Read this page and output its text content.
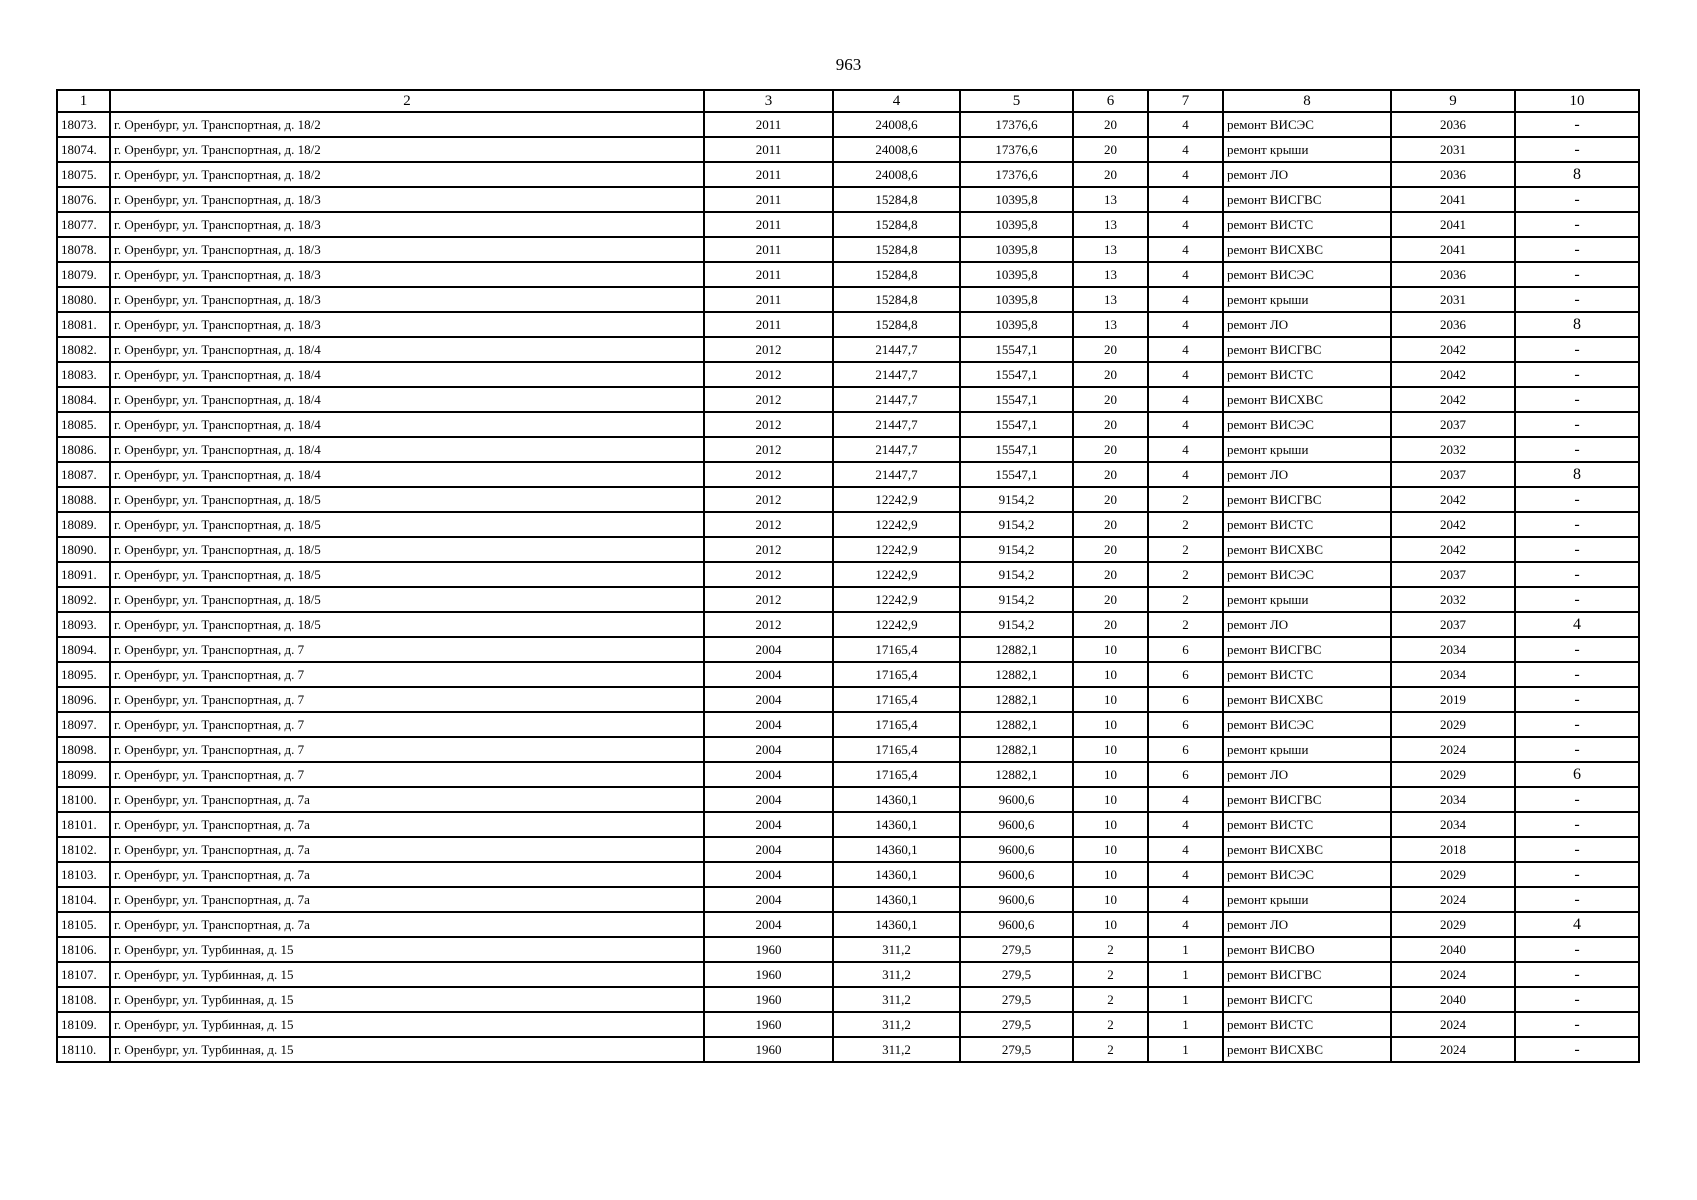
963
1	2	3	4	5	6	7	8	9	10
18073.	г. Оренбург, ул. Транспортная, д. 18/2	2011	24008,6	17376,6	20	4	ремонт ВИСЭС	2036	-
18074.	г. Оренбург, ул. Транспортная, д. 18/2	2011	24008,6	17376,6	20	4	ремонт крыши	2031	-
18075.	г. Оренбург, ул. Транспортная, д. 18/2	2011	24008,6	17376,6	20	4	ремонт ЛО	2036	8
18076.	г. Оренбург, ул. Транспортная, д. 18/3	2011	15284,8	10395,8	13	4	ремонт ВИСГВС	2041	-
18077.	г. Оренбург, ул. Транспортная, д. 18/3	2011	15284,8	10395,8	13	4	ремонт ВИСТС	2041	-
18078.	г. Оренбург, ул. Транспортная, д. 18/3	2011	15284,8	10395,8	13	4	ремонт ВИСХВС	2041	-
18079.	г. Оренбург, ул. Транспортная, д. 18/3	2011	15284,8	10395,8	13	4	ремонт ВИСЭС	2036	-
18080.	г. Оренбург, ул. Транспортная, д. 18/3	2011	15284,8	10395,8	13	4	ремонт крыши	2031	-
18081.	г. Оренбург, ул. Транспортная, д. 18/3	2011	15284,8	10395,8	13	4	ремонт ЛО	2036	8
18082.	г. Оренбург, ул. Транспортная, д. 18/4	2012	21447,7	15547,1	20	4	ремонт ВИСГВС	2042	-
18083.	г. Оренбург, ул. Транспортная, д. 18/4	2012	21447,7	15547,1	20	4	ремонт ВИСТС	2042	-
18084.	г. Оренбург, ул. Транспортная, д. 18/4	2012	21447,7	15547,1	20	4	ремонт ВИСХВС	2042	-
18085.	г. Оренбург, ул. Транспортная, д. 18/4	2012	21447,7	15547,1	20	4	ремонт ВИСЭС	2037	-
18086.	г. Оренбург, ул. Транспортная, д. 18/4	2012	21447,7	15547,1	20	4	ремонт крыши	2032	-
18087.	г. Оренбург, ул. Транспортная, д. 18/4	2012	21447,7	15547,1	20	4	ремонт ЛО	2037	8
18088.	г. Оренбург, ул. Транспортная, д. 18/5	2012	12242,9	9154,2	20	2	ремонт ВИСГВС	2042	-
18089.	г. Оренбург, ул. Транспортная, д. 18/5	2012	12242,9	9154,2	20	2	ремонт ВИСТС	2042	-
18090.	г. Оренбург, ул. Транспортная, д. 18/5	2012	12242,9	9154,2	20	2	ремонт ВИСХВС	2042	-
18091.	г. Оренбург, ул. Транспортная, д. 18/5	2012	12242,9	9154,2	20	2	ремонт ВИСЭС	2037	-
18092.	г. Оренбург, ул. Транспортная, д. 18/5	2012	12242,9	9154,2	20	2	ремонт крыши	2032	-
18093.	г. Оренбург, ул. Транспортная, д. 18/5	2012	12242,9	9154,2	20	2	ремонт ЛО	2037	4
18094.	г. Оренбург, ул. Транспортная, д. 7	2004	17165,4	12882,1	10	6	ремонт ВИСГВС	2034	-
18095.	г. Оренбург, ул. Транспортная, д. 7	2004	17165,4	12882,1	10	6	ремонт ВИСТС	2034	-
18096.	г. Оренбург, ул. Транспортная, д. 7	2004	17165,4	12882,1	10	6	ремонт ВИСХВС	2019	-
18097.	г. Оренбург, ул. Транспортная, д. 7	2004	17165,4	12882,1	10	6	ремонт ВИСЭС	2029	-
18098.	г. Оренбург, ул. Транспортная, д. 7	2004	17165,4	12882,1	10	6	ремонт крыши	2024	-
18099.	г. Оренбург, ул. Транспортная, д. 7	2004	17165,4	12882,1	10	6	ремонт ЛО	2029	6
18100.	г. Оренбург, ул. Транспортная, д. 7а	2004	14360,1	9600,6	10	4	ремонт ВИСГВС	2034	-
18101.	г. Оренбург, ул. Транспортная, д. 7а	2004	14360,1	9600,6	10	4	ремонт ВИСТС	2034	-
18102.	г. Оренбург, ул. Транспортная, д. 7а	2004	14360,1	9600,6	10	4	ремонт ВИСХВС	2018	-
18103.	г. Оренбург, ул. Транспортная, д. 7а	2004	14360,1	9600,6	10	4	ремонт ВИСЭС	2029	-
18104.	г. Оренбург, ул. Транспортная, д. 7а	2004	14360,1	9600,6	10	4	ремонт крыши	2024	-
18105.	г. Оренбург, ул. Транспортная, д. 7а	2004	14360,1	9600,6	10	4	ремонт ЛО	2029	4
18106.	г. Оренбург, ул. Турбинная, д. 15	1960	311,2	279,5	2	1	ремонт ВИСВО	2040	-
18107.	г. Оренбург, ул. Турбинная, д. 15	1960	311,2	279,5	2	1	ремонт ВИСГВС	2024	-
18108.	г. Оренбург, ул. Турбинная, д. 15	1960	311,2	279,5	2	1	ремонт ВИСГС	2040	-
18109.	г. Оренбург, ул. Турбинная, д. 15	1960	311,2	279,5	2	1	ремонт ВИСТС	2024	-
18110.	г. Оренбург, ул. Турбинная, д. 15	1960	311,2	279,5	2	1	ремонт ВИСХВС	2024	-
